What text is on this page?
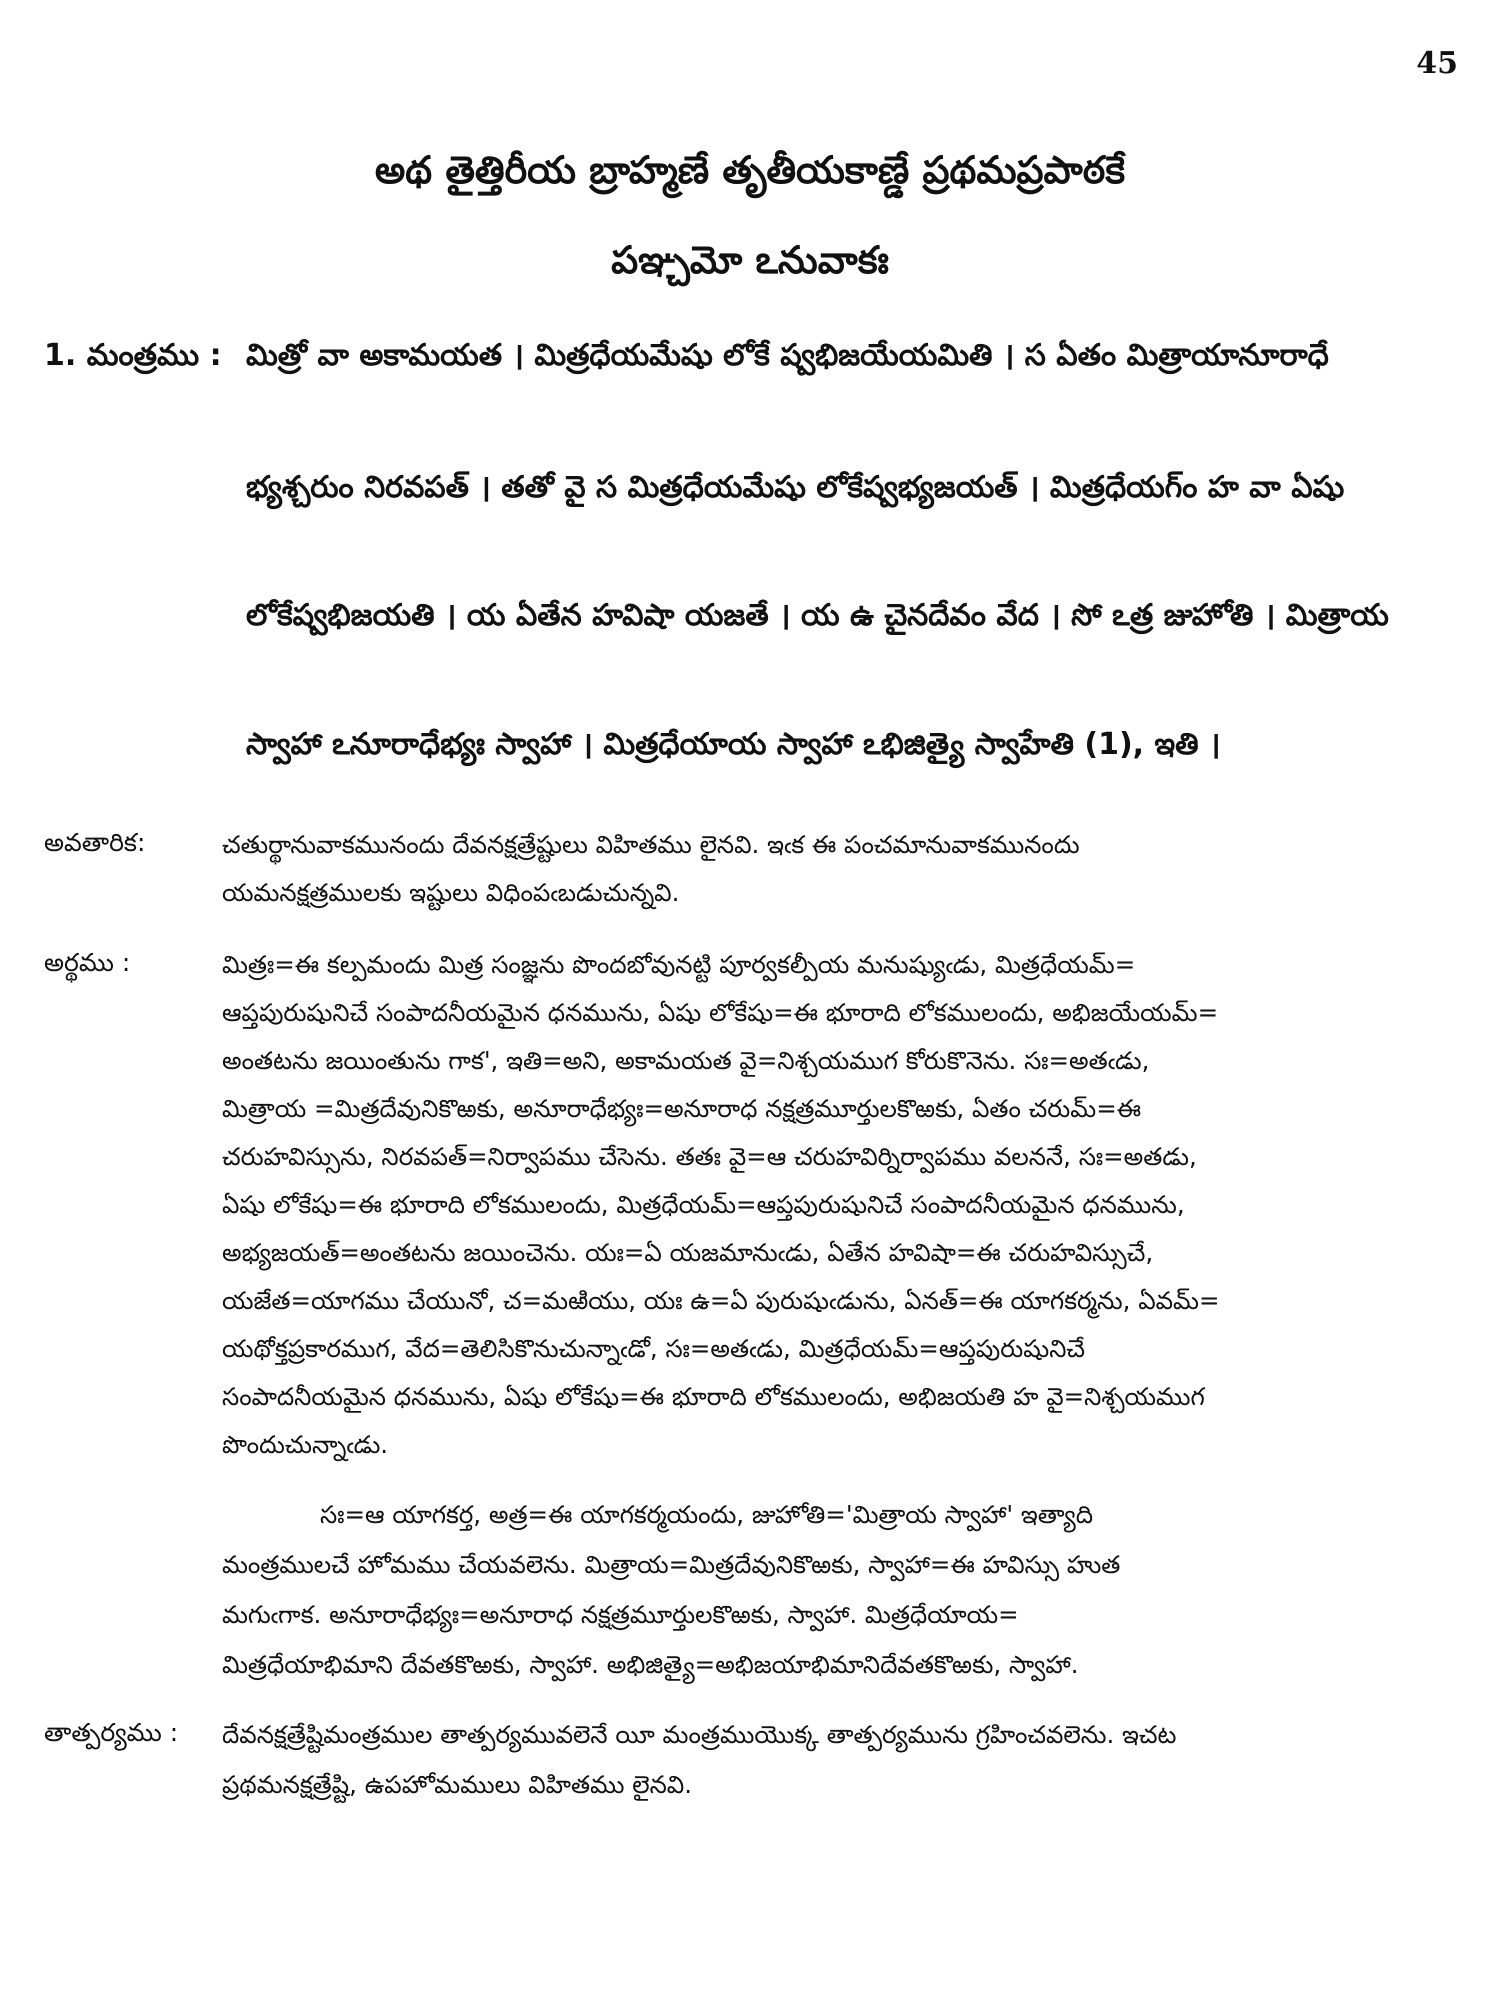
45
అథ తైత్తిరీయ బ్రాహ్మణే తృతీయకాణ్డే ప్రథమప్రపాఠకే
పఞ్చమో ఽనువాకః
1. మంత్రము : మిత్రో వా అకామయత । మిత్రధేయమేషు లోకే ష్వభిజయేయమితి । స ఏతం మిత్రాయానూరాధే
భ్యశ్చరుం నిరవపత్ । తతో వై స మిత్రధేయమేషు లోకేష్వభ్యజయత్ । మిత్రధేయగ్ం హ వా ఏషు
లోకేష్వభిజయతి । య ఏతేన హవిషా యజతే । య ఉ చైనదేవం వేద । సో ఽత్ర జుహోతి । మిత్రాయ
స్వాహా ఽనూరాధేభ్యః స్వాహా । మిత్రధేయాయ స్వాహా ఽభిజిత్యై స్వాహేతి (1), ఇతి ।
అవతారిక:	చతుర్థానువాకమునందు దేవనక్షత్రేష్టులు విహితము లైనవి. ఇఁక ఈ పంచమానువాకమునందు
యమనక్షత్రములకు ఇష్టులు విధింపఁబడుచున్నవి.
అర్థము :	మిత్రః=ఈ కల్పమందు మిత్ర సంజ్ఞను పొందబోవునట్టి పూర్వకల్పీయ మనుష్యుఁడు, మిత్రధేయమ్=
ఆప్తపురుషునిచే సంపాదనీయమైన ధనమును, ఏషు లోకేషు=ఈ భూరాది లోకములందు, అభిజయేయమ్=
అంతటను జయింతును గాక', ఇతి=అని, అకామయత వై=నిశ్చయముగ కోరుకొనెను. సః=అతఁడు,
మిత్రాయ =మిత్రదేవునికొఱకు, అనూరాధేభ్యః=అనూరాధ నక్షత్రమూర్తులకొఱకు, ఏతం చరుమ్=ఈ
చరుహవిస్సును, నిరవపత్=నిర్వాపము చేసెను. తతః వై=ఆ చరుహవిర్నిర్వాపము వలననే, సః=అతడు,
ఏషు లోకేషు=ఈ భూరాది లోకములందు, మిత్రధేయమ్=ఆప్తపురుషునిచే సంపాదనీయమైన ధనమును,
అభ్యజయత్=అంతటను జయించెను. యః=ఏ యజమానుఁడు, ఏతేన హవిషా=ఈ చరుహవిస్సుచే,
యజేత=యాగము చేయునో, చ=మఱియు, యః ఉ=ఏ పురుషుఁడును, ఏనత్=ఈ యాగకర్మను, ఏవమ్=
యథోక్తప్రకారముగ, వేద=తెలిసికొనుచున్నాఁడో, సః=అతఁడు, మిత్రధేయమ్=ఆప్తపురుషునిచే
సంపాదనీయమైన ధనమును, ఏషు లోకేషు=ఈ భూరాది లోకములందు, అభిజయతి హ వై=నిశ్చయముగ
పొందుచున్నాఁడు.
సః=ఆ యాగకర్త, అత్ర=ఈ యాగకర్మయందు, జుహోతి='మిత్రాయ స్వాహా' ఇత్యాది
మంత్రములచే హోమము చేయవలెను. మిత్రాయ=మిత్రదేవునికొఱకు, స్వాహా=ఈ హవిస్సు హుత
మగుఁగాక. అనూరాధేభ్యః=అనూరాధ నక్షత్రమూర్తులకొఱకు, స్వాహా. మిత్రధేయాయ=
మిత్రధేయాభిమాని దేవతకొఱకు, స్వాహా. అభిజిత్యై=అభిజయాభిమానిదేవతకొఱకు, స్వాహా.
తాత్పర్యము : దేవనక్షత్రేష్టిమంత్రముల తాత్పర్యమువలెనే యీ మంత్రముయొక్క తాత్పర్యమును గ్రహించవలెను. ఇచట
ప్రథమనక్షత్రేష్టి, ఉపహోమములు విహితము లైనవి.
